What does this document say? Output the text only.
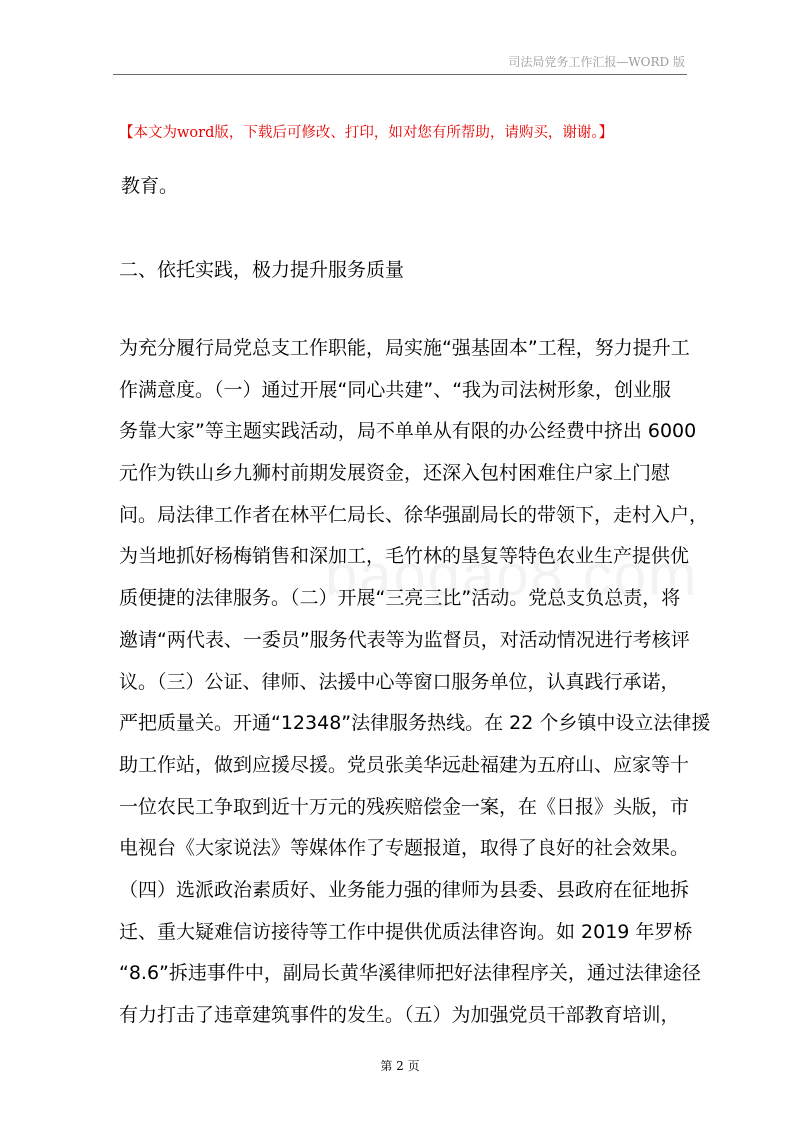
司法局党务工作汇报—WORD 版
【本文为word版，下载后可修改、打印，如对您有所帮助，请购买，谢谢。】
教育。
二、依托实践，极力提升服务质量
为充分履行局党总支工作职能，局实施“强基固本”工程，努力提升工
作满意度。（一）通过开展“同心共建”、“我为司法树形象，创业服
务靠大家”等主题实践活动，局不单单从有限的办公经费中挤出 6000
元作为铁山乡九狮村前期发展资金，还深入包村困难住户家上门慰
问。局法律工作者在林平仁局长、徐华强副局长的带领下，走村入户，
为当地抓好杨梅销售和深加工，毛竹林的垦复等特色农业生产提供优
质便捷的法律服务。（二）开展“三亮三比”活动。党总支负总责，将
邀请“两代表、一委员”服务代表等为监督员，对活动情况进行考核评
议。（三）公证、律师、法援中心等窗口服务单位，认真践行承诺，
严把质量关。开通“12348”法律服务热线。在 22 个乡镇中设立法律援
助工作站，做到应援尽援。党员张美华远赴福建为五府山、应家等十
一位农民工争取到近十万元的残疾赔偿金一案，在《日报》头版，市
电视台《大家说法》等媒体作了专题报道，取得了良好的社会效果。
（四）选派政治素质好、业务能力强的律师为县委、县政府在征地拆
迁、重大疑难信访接待等工作中提供优质法律咨询。如 2019 年罗桥
“8.6”拆违事件中，副局长黄华溪律师把好法律程序关，通过法律途径
有力打击了违章建筑事件的发生。（五）为加强党员干部教育培训，
第 2 页
